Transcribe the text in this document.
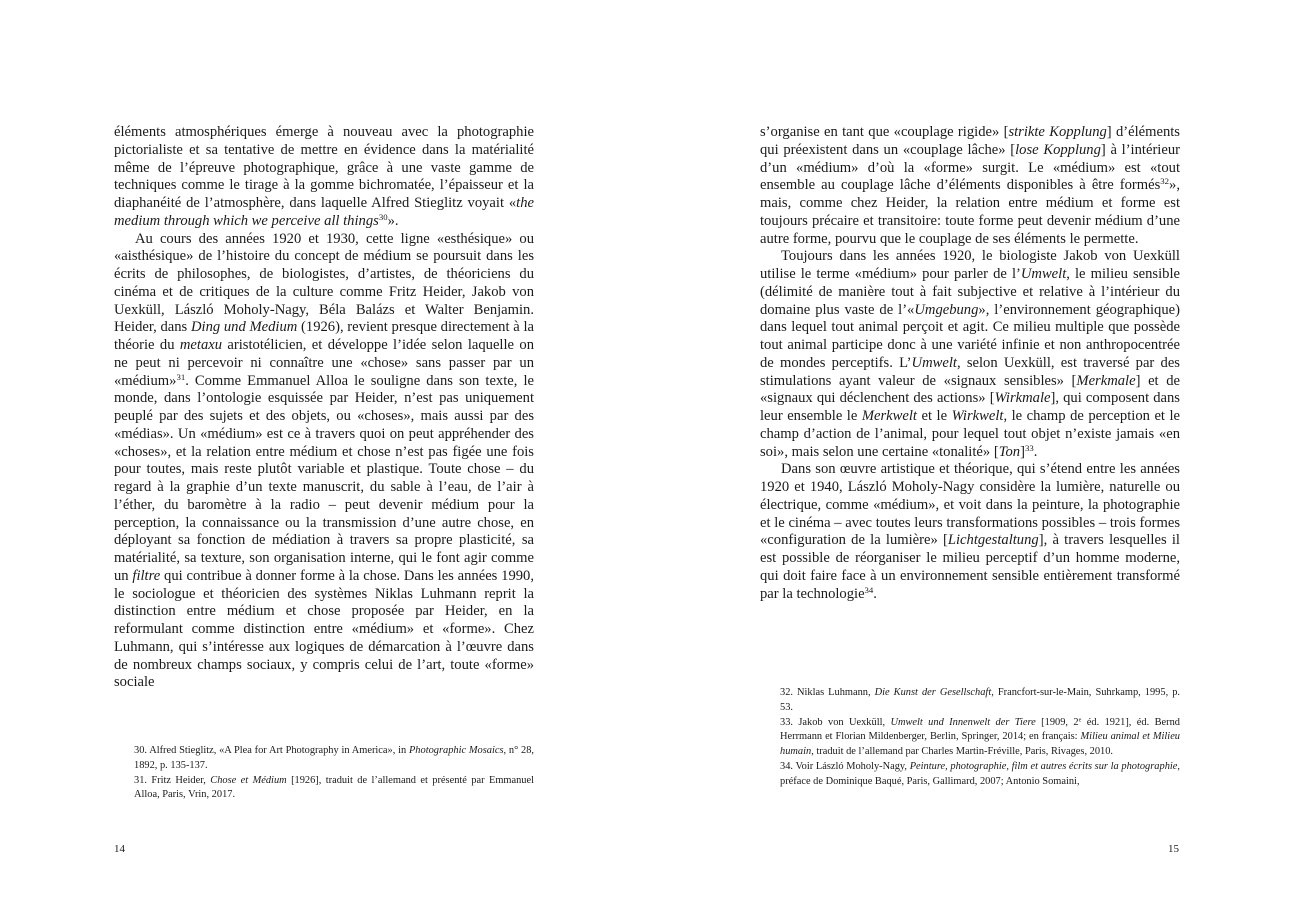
éléments atmosphériques émerge à nouveau avec la photographie pictorialiste et sa tentative de mettre en évidence dans la matérialité même de l’épreuve photographique, grâce à une vaste gamme de techniques comme le tirage à la gomme bichromatée, l’épaisseur et la diaphanéité de l’atmosphère, dans laquelle Alfred Stieglitz voyait «the medium through which we perceive all things$^{30}$».

Au cours des années 1920 et 1930, cette ligne «esthésique» ou «aisthésique» de l’histoire du concept de médium se poursuit dans les écrits de philosophes, de biologistes, d’artistes, de théoriciens du cinéma et de critiques de la culture comme Fritz Heider, Jakob von Uexküll, László Moholy-Nagy, Béla Balázs et Walter Benjamin. Heider, dans Ding und Medium (1926), revient presque directement à la théorie du metaxu aristotélicien, et développe l’idée selon laquelle on ne peut ni percevoir ni connaître une «chose» sans passer par un «médium»$^{31}$. Comme Emmanuel Alloa le souligne dans son texte, le monde, dans l’ontologie esquissée par Heider, n’est pas uniquement peuplé par des sujets et des objets, ou «choses», mais aussi par des «médias». Un «médium» est ce à travers quoi on peut appréhender des «choses», et la relation entre médium et chose n’est pas figée une fois pour toutes, mais reste plutôt variable et plastique. Toute chose – du regard à la graphie d’un texte manuscrit, du sable à l’eau, de l’air à l’éther, du baromètre à la radio – peut devenir médium pour la perception, la connaissance ou la transmission d’une autre chose, en déployant sa fonction de médiation à travers sa propre plasticité, sa matérialité, sa texture, son organisation interne, qui le font agir comme un filtre qui contribue à donner forme à la chose. Dans les années 1990, le sociologue et théoricien des systèmes Niklas Luhmann reprit la distinction entre médium et chose proposée par Heider, en la reformulant comme distinction entre «médium» et «forme». Chez Luhmann, qui s’intéresse aux logiques de démarcation à l’œuvre dans de nombreux champs sociaux, y compris celui de l’art, toute «forme» sociale

30. Alfred Stieglitz, «A Plea for Art Photography in America», in Photographic Mosaics, n° 28, 1892, p. 135-137.

31. Fritz Heider, Chose et Médium [1926], traduit de l’allemand et présenté par Emmanuel Alloa, Paris, Vrin, 2017.

14

s’organise en tant que «couplage rigide» [strikte Kopplung] d’éléments qui préexistent dans un «couplage lâche» [lose Kopplung] à l’intérieur d’un «médium» d’où la «forme» surgit. Le «médium» est «tout ensemble au couplage lâche d’éléments disponibles à être formés$^{32}$», mais, comme chez Heider, la relation entre médium et forme est toujours précaire et transitoire: toute forme peut devenir médium d’une autre forme, pourvu que le couplage de ses éléments le permette.

Toujours dans les années 1920, le biologiste Jakob von Uexküll utilise le terme «médium» pour parler de l’Umwelt, le milieu sensible (délimité de manière tout à fait subjective et relative à l’intérieur du domaine plus vaste de l’«Umgebung», l’environnement géographique) dans lequel tout animal perçoit et agit. Ce milieu multiple que possède tout animal participe donc à une variété infinie et non anthropocentrée de mondes perceptifs. L’Umwelt, selon Uexküll, est traversé par des stimulations ayant valeur de «signaux sensibles» [Merkmale] et de «signaux qui déclenchent des actions» [Wirkmale], qui composent dans leur ensemble le Merkwelt et le Wirkwelt, le champ de perception et le champ d’action de l’animal, pour lequel tout objet n’existe jamais «en soi», mais selon une certaine «tonalité» [Ton]$^{33}$.

Dans son œuvre artistique et théorique, qui s’étend entre les années 1920 et 1940, László Moholy-Nagy considère la lumière, naturelle ou électrique, comme «médium», et voit dans la peinture, la photographie et le cinéma – avec toutes leurs transformations possibles – trois formes «configuration de la lumière» [Lichtgestaltung], à travers lesquelles il est possible de réorganiser le milieu perceptif d’un homme moderne, qui doit faire face à un environnement sensible entièrement transformé par la technologie$^{34}$.

32. Niklas Luhmann, Die Kunst der Gesellschaft, Francfort-sur-le-Main, Suhrkamp, 1995, p. 53.

33. Jakob von Uexküll, Umwelt und Innenwelt der Tiere [1909, 2e éd. 1921], éd. Bernd Herrmann et Florian Mildenberger, Berlin, Springer, 2014; en français: Milieu animal et Milieu humain, traduit de l’allemand par Charles Martin-Fréville, Paris, Rivages, 2010.

34. Voir László Moholy-Nagy, Peinture, photographie, film et autres écrits sur la photographie, préface de Dominique Baqué, Paris, Gallimard, 2007; Antonio Somaini,

15
